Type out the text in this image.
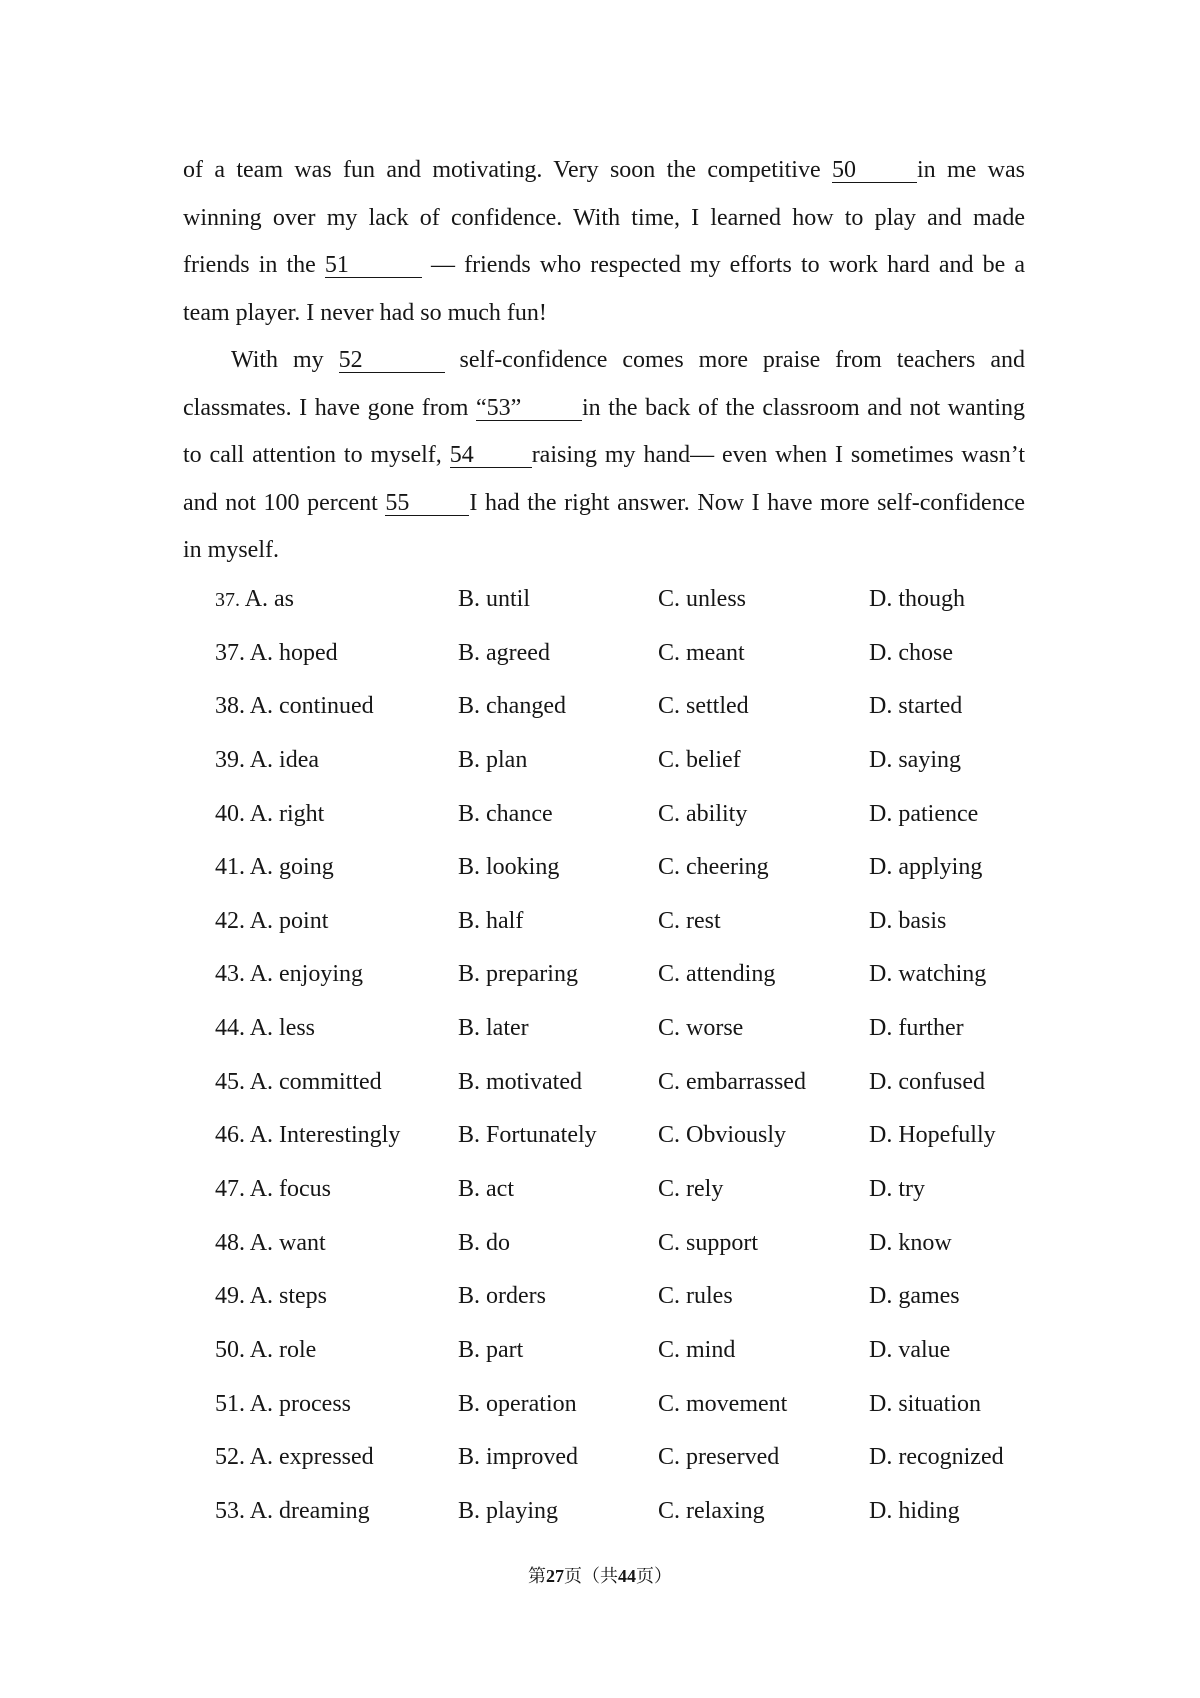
of a team was fun and motivating. Very soon the competitive 50	in me was
winning over my lack of confidence. With time, I learned how to play and made
friends in the 51	— friends who respected my efforts to work hard and be a
team player. I never had so much fun!
With my 52	self-confidence comes more praise from teachers and
classmates. I have gone from “53”	in the back of the classroom and not wanting
to call attention to myself, 54 raising my hand— even when I sometimes wasn’t
and not 100 percent 55	I had the right answer. Now I have more self-confidence
in myself.
37. A. as	B. until	C. unless	D. though
37. A. hoped	B. agreed	C. meant	D. chose
38. A. continued	B. changed	C. settled	D. started
39. A. idea	B. plan	C. belief	D. saying
40. A. right	B. chance	C. ability	D. patience
41. A. going	B. looking	C. cheering	D. applying
42. A. point	B. half	C. rest	D. basis
43. A. enjoying	B. preparing	C. attending	D. watching
44. A. less	B. later	C. worse	D. further
45. A. committed	B. motivated	C. embarrassed	D. confused
46. A. Interestingly B. Fortunately	C. Obviously	D. Hopefully
47. A. focus	B. act	C. rely	D. try
48. A. want	B. do	C. support	D. know
49. A. steps	B. orders	C. rules	D. games
50. A. role	B. part	C. mind	D. value
51. A. process	B. operation	C. movement	D. situation
52. A. expressed	B. improved	C. preserved	D. recognized
53. A. dreaming	B. playing	C. relaxing	D. hiding
第27页（共44页）
